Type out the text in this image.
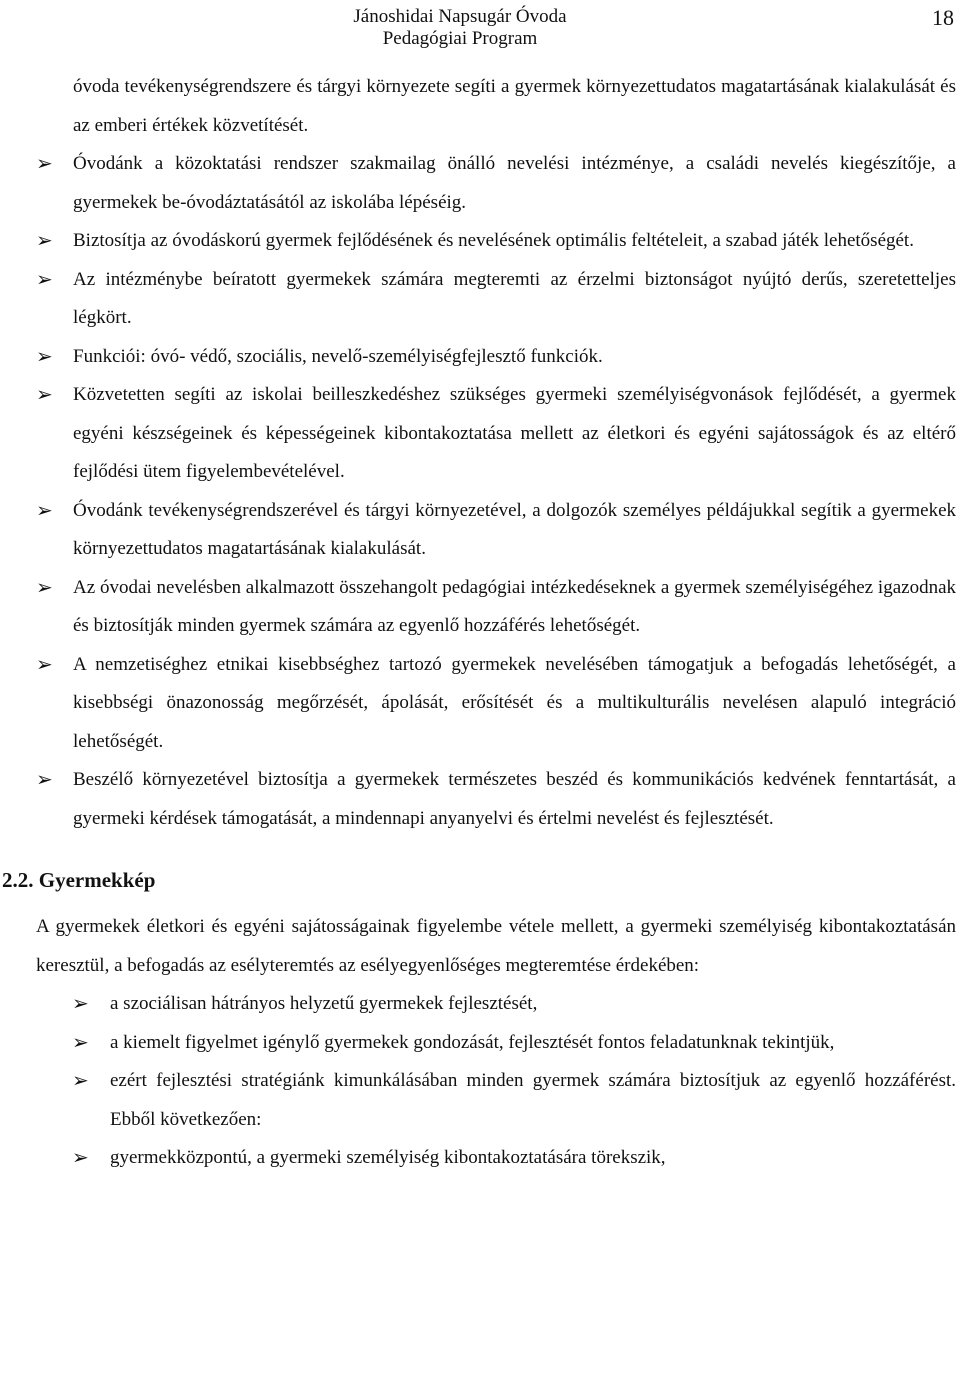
Jánoshidai Napsugár Óvoda
Pedagógiai Program
18

óvoda tevékenységrendszere és tárgyi környezete segíti a gyermek környezettudatos magatartásának kialakulását és az emberi értékek közvetítését.

➢ Óvodánk a közoktatási rendszer szakmailag önálló nevelési intézménye, a családi nevelés kiegészítője, a gyermekek be-óvodáztatásától az iskolába lépéséig.
➢ Biztosítja az óvodáskorú gyermek fejlődésének és nevelésének optimális feltételeit, a szabad játék lehetőségét.
➢ Az intézménybe beíratott gyermekek számára megteremti az érzelmi biztonságot nyújtó derűs, szeretetteljes légkört.
➢ Funkciói: óvó- védő, szociális, nevelő-személyiségfejlesztő funkciók.
➢ Közvetetten segíti az iskolai beilleszkedéshez szükséges gyermeki személyiségvonások fejlődését, a gyermek egyéni készségeinek és képességeinek kibontakoztatása mellett az életkori és egyéni sajátosságok és az eltérő fejlődési ütem figyelembevételével.
➢ Óvodánk tevékenységrendszerével és tárgyi környezetével, a dolgozók személyes példájukkal segítik a gyermekek környezettudatos magatartásának kialakulását.
➢ Az óvodai nevelésben alkalmazott összehangolt pedagógiai intézkedéseknek a gyermek személyiségéhez igazodnak és biztosítják minden gyermek számára az egyenlő hozzáférés lehetőségét.
➢ A nemzetiséghez etnikai kisebbséghez tartozó gyermekek nevelésében támogatjuk a befogadás lehetőségét, a kisebbségi önazonosság megőrzését, ápolását, erősítését és a multikulturális nevelésen alapuló integráció lehetőségét.
➢ Beszélő környezetével biztosítja a gyermekek természetes beszéd és kommunikációs kedvének fenntartását, a gyermeki kérdések támogatását, a mindennapi anyanyelvi és értelmi nevelést és fejlesztését.
2.2. Gyermekkép

A gyermekek életkori és egyéni sajátosságainak figyelembe vétele mellett, a gyermeki személyiség kibontakoztatásán keresztül, a befogadás az esélyteremtés az esélyegyenlőséges megteremtése érdekében:

➢ a szociálisan hátrányos helyzetű gyermekek fejlesztését,
➢ a kiemelt figyelmet igénylő gyermekek gondozását, fejlesztését fontos feladatunknak tekintjük,
➢ ezért fejlesztési stratégiánk kimunkálásában minden gyermek számára biztosítjuk az egyenlő hozzáférést. Ebből következően:
➢ gyermekközpontú, a gyermeki személyiség kibontakoztatására törekszik,
